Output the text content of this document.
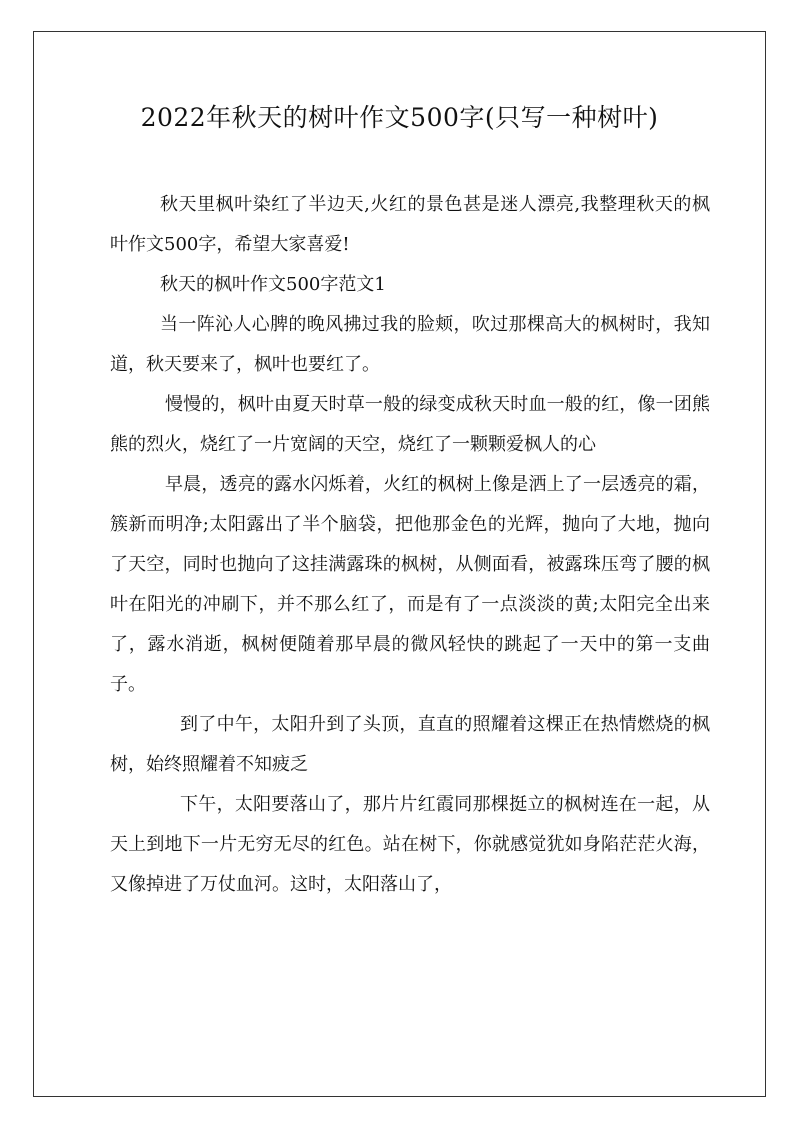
2022年秋天的树叶作文500字(只写一种树叶)

秋天里枫叶染红了半边天,火红的景色甚是迷人漂亮,我整理秋天的枫叶作文500字，希望大家喜爱!

秋天的枫叶作文500字范文1

当一阵沁人心脾的晚风拂过我的脸颊，吹过那棵高大的枫树时，我知道，秋天要来了，枫叶也要红了。

慢慢的，枫叶由夏天时草一般的绿变成秋天时血一般的红，像一团熊熊的烈火，烧红了一片宽阔的天空，烧红了一颗颗爱枫人的心

早晨，透亮的露水闪烁着，火红的枫树上像是洒上了一层透亮的霜，簇新而明净;太阳露出了半个脑袋，把他那金色的光辉，抛向了大地，抛向了天空，同时也抛向了这挂满露珠的枫树，从侧面看，被露珠压弯了腰的枫叶在阳光的冲刷下，并不那么红了，而是有了一点淡淡的黄;太阳完全出来了，露水消逝，枫树便随着那早晨的微风轻快的跳起了一天中的第一支曲子。

到了中午，太阳升到了头顶，直直的照耀着这棵正在热情燃烧的枫树，始终照耀着不知疲乏

下午，太阳要落山了，那片片红霞同那棵挺立的枫树连在一起，从天上到地下一片无穷无尽的红色。站在树下，你就感觉犹如身陷茫茫火海，又像掉进了万仗血河。这时，太阳落山了，
